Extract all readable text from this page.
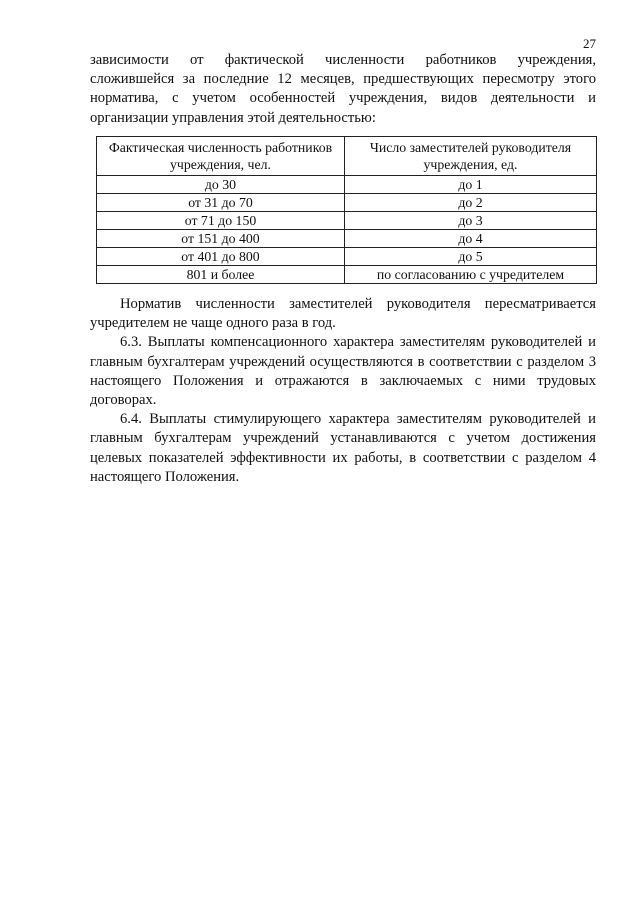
27

зависимости от фактической численности работников учреждения, сложившейся за последние 12 месяцев, предшествующих пересмотру этого норматива, с учетом особенностей учреждения, видов деятельности и организации управления этой деятельностью:

Фактическая численность работников учреждения, чел.	Число заместителей руководителя учреждения, ед.
до 30	до 1
от 31 до 70	до 2
от 71 до 150	до 3
от 151 до 400	до 4
от 401 до 800	до 5
801 и более	по согласованию с учредителем

Норматив численности заместителей руководителя пересматривается учредителем не чаще одного раза в год.

6.3. Выплаты компенсационного характера заместителям руководителей и главным бухгалтерам учреждений осуществляются в соответствии с разделом 3 настоящего Положения и отражаются в заключаемых с ними трудовых договорах.

6.4. Выплаты стимулирующего характера заместителям руководителей и главным бухгалтерам учреждений устанавливаются с учетом достижения целевых показателей эффективности их работы, в соответствии с разделом 4 настоящего Положения.
